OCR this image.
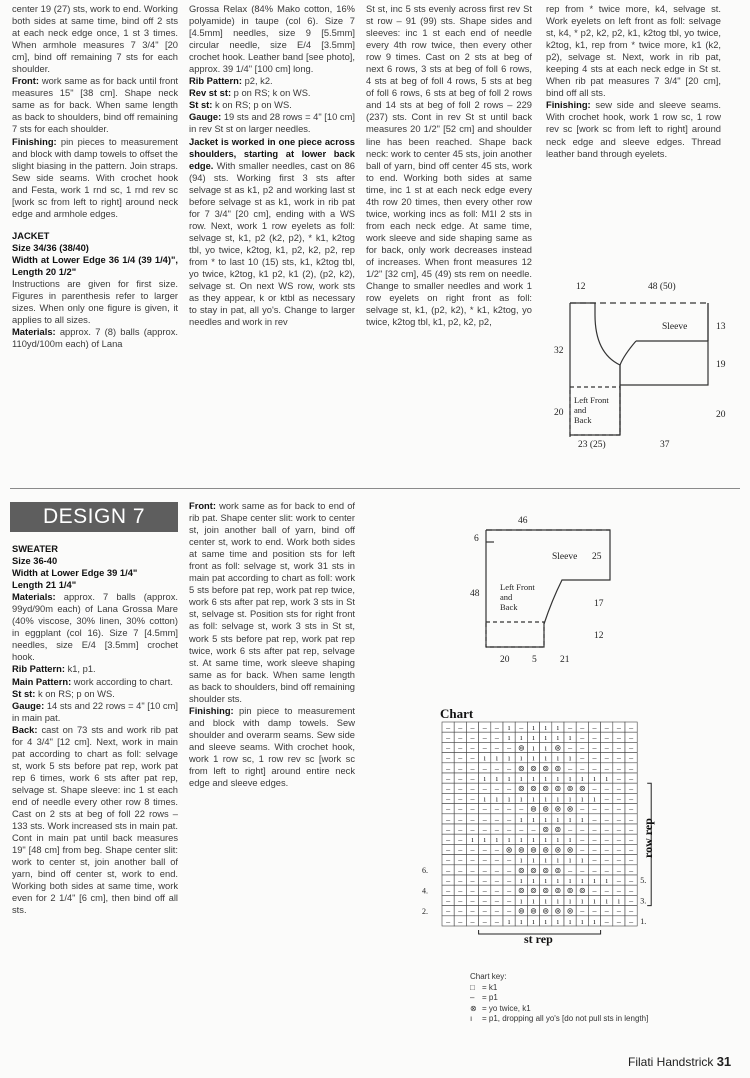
center 19 (27) sts, work to end. Working both sides at same time, bind off 2 sts at each neck edge once, 1 st 3 times. When armhole measures 7 3/4" [20 cm], bind off remaining 7 sts for each shoulder.

Front: work same as for back until front measures 15" [38 cm]. Shape neck same as for back. When same length as back to shoulders, bind off remaining 7 sts for each shoulder.

Finishing: pin pieces to measurement and block with damp towels to offset the slight biasing in the pattern. Join straps. Sew side seams. With crochet hook and Festa, work 1 rnd sc, 1 rnd rev sc [work sc from left to right] around neck edge and armhole edges.

JACKET
Size 34/36 (38/40)
Width at Lower Edge 36 1/4 (39 1/4)", Length 20 1/2"

Instructions are given for first size. Figures in parenthesis refer to larger sizes. When only one figure is given, it applies to all sizes.

Materials: approx. 7 (8) balls (approx. 110yd/100m each) of Lana

Grossa Relax (84% Mako cotton, 16% polyamide) in taupe (col 6). Size 7 [4.5mm] needles, size 9 [5.5mm] circular needle, size E/4 [3.5mm] crochet hook. Leather band [see photo], approx. 39 1/4" [100 cm] long.

Rib Pattern: p2, k2.

Rev st st: p on RS; k on WS.

St st: k on RS; p on WS.

Gauge: 19 sts and 28 rows = 4" [10 cm] in rev St st on larger needles.

Jacket is worked in one piece across shoulders, starting at lower back edge. With smaller needles, cast on 86 (94) sts. Working first 3 sts after selvage st as k1, p2 and working last st before selvage st as k1, work in rib pat for 7 3/4" [20 cm], ending with a WS row. Next, work 1 row eyelets as foll: selvage st, k1, p2 (k2, p2), * k1, k2tog tbl, yo twice, k2tog, k1, p2, k2, p2, rep from * to last 10 (15) sts, k1, k2tog tbl, yo twice, k2tog, k1 p2, k1 (2), (p2, k2), selvage st. On next WS row, work sts as they appear, k or ktbl as necessary to stay in pat, all yo's. Change to larger needles and work in rev

St st, inc 5 sts evenly across first rev St st row – 91 (99) sts. Shape sides and sleeves: inc 1 st each end of needle every 4th row twice, then every other row 9 times. Cast on 2 sts at beg of next 6 rows, 3 sts at beg of foll 6 rows, 4 sts at beg of foll 4 rows, 5 sts at beg of foll 6 rows, 6 sts at beg of foll 2 rows and 14 sts at beg of foll 2 rows – 229 (237) sts. Cont in rev St st until back measures 20 1/2" [52 cm] and shoulder line has been reached. Shape back neck: work to center 45 sts, join another ball of yarn, bind off center 45 sts, work to end. Working both sides at same time, inc 1 st at each neck edge every 4th row 20 times, then every other row twice, working incs as foll: M1l 2 sts in from each neck edge. At same time, work sleeve and side shaping same as for back, only work decreases instead of increases. When front measures 12 1/2" [32 cm], 45 (49) sts rem on needle. Change to smaller needles and work 1 row eyelets on right front as foll: selvage st, k1, (p2, k2), * k1, k2tog, yo twice, k2tog tbl, k1, p2, k2, p2,

rep from * twice more, k4, selvage st. Work eyelets on left front as foll: selvage st, k4, * p2, k2, p2, k1, k2tog tbl, yo twice, k2tog, k1, rep from * twice more, k1 (k2, p2), selvage st. Next, work in rib pat, keeping 4 sts at each neck edge in St st. When rib pat measures 7 3/4" [20 cm], bind off all sts.

Finishing: sew side and sleeve seams. With crochet hook, work 1 row sc, 1 row rev sc [work sc from left to right] around neck edge and sleeve edges. Thread leather band through eyelets.

12	48 (50)
Sleeve	13
32
19
20	20
Left Front
and
Back
23 (25)	37
DESIGN 7
SWEATER
Size 36-40
Width at Lower Edge 39 1/4"
Length 21 1/4"

Materials: approx. 7 balls (approx. 99yd/90m each) of Lana Grossa Mare (40% viscose, 30% linen, 30% cotton) in eggplant (col 16). Size 7 [4.5mm] needles, size E/4 [3.5mm] crochet hook.

Rib Pattern: k1, p1.

Main Pattern: work according to chart.

St st: k on RS; p on WS.

Gauge: 14 sts and 22 rows = 4" [10 cm] in main pat.

Back: cast on 73 sts and work rib pat for 4 3/4" [12 cm]. Next, work in main pat according to chart as foll: selvage st, work 5 sts before pat rep, work pat rep 6 times, work 6 sts after pat rep, selvage st. Shape sleeve: inc 1 st each end of needle every other row 8 times. Cast on 2 sts at beg of foll 22 rows – 133 sts. Work increased sts in main pat. Cont in main pat until back measures 19" [48 cm] from beg. Shape center slit: work to center st, join another ball of yarn, bind off center st, work to end. Working both sides at same time, work even for 2 1/4" [6 cm], then bind off all sts.

Front: work same as for back to end of rib pat. Shape center slit: work to center st, join another ball of yarn, bind off center st, work to end. Work both sides at same time and position sts for left front as foll: selvage st, work 31 sts in main pat according to chart as foll: work 5 sts before pat rep, work pat rep twice, work 6 sts after pat rep, work 3 sts in St st, selvage st. Position sts for right front as foll: selvage st, work 3 sts in St st, work 5 sts before pat rep, work pat rep twice, work 6 sts after pat rep, selvage st. At same time, work sleeve shaping same as for back. When same length as back to shoulders, bind off remaining shoulder sts.

Finishing: pin piece to measurement and block with damp towels. Sew shoulder and overarm seams. Sew side and sleeve seams. With crochet hook, work 1 row sc, 1 row rev sc [work sc from left to right] around entire neck edge and sleeve edges.

46
6
Sleeve 25
48
Left Front
and
Back	17
12
20 5 21
Chart
– – – – – ı – ı ı ı – – – – – –
– – – – – ı ı ı ı ı ı – – – – –
– – – – – – ⊚ ı ı ⊚ – – – – – –
– – – ı ı ı ı ı ı ı ı – – – – –
– – – – – – ⊚ ⊚ ⊚ ⊚ – – – – – –
– – – ı ı ı ı ı ı ı ı ı ı ı – –
– – – – – – ⊚ ⊚ ⊚ ⊚ ⊚ ⊚ – – – –
– – – ı ı ı ı ı ı ı ı ı ı – – –
– – – – – – – ⊚ ⊚ ⊚ ⊚ – – – – –
– – – – – – ı ı ı ı ı ı – – – –
– – – – – – – – ⊚ ⊚ – – – – – –
– – ı ı ı ı ı ı ı ı ı – – – – –
– – – – – ⊚ ⊚ ⊚ ⊚ ⊚ ⊚ – – – – –
– – – – – – ı ı ı ı ı ı – – – –
– – – – – – ⊚ ⊚ ⊚ ⊚ – – – – – –
– – – – – – ı ı ı ı ı ı ı ı – –
– – – – – – ⊚ ⊚ ⊚ ⊚ ⊚ ⊚ – – – –
– – – – – – ı ı ı ı ı ı ı ı ı –
– – – – – – ⊚ ⊚ ⊚ ⊚ ⊚ – – – – –
– – – – – ı ı ı ı ı ı ı ı – – –
6.
4.
2.
5.
3.
1.
row rep
st rep
Chart key:
□ = k1
– = p1
⊗ = yo twice, k1
ı = p1, dropping all yo's [do not pull sts in length]
Filati Handstrick 31
